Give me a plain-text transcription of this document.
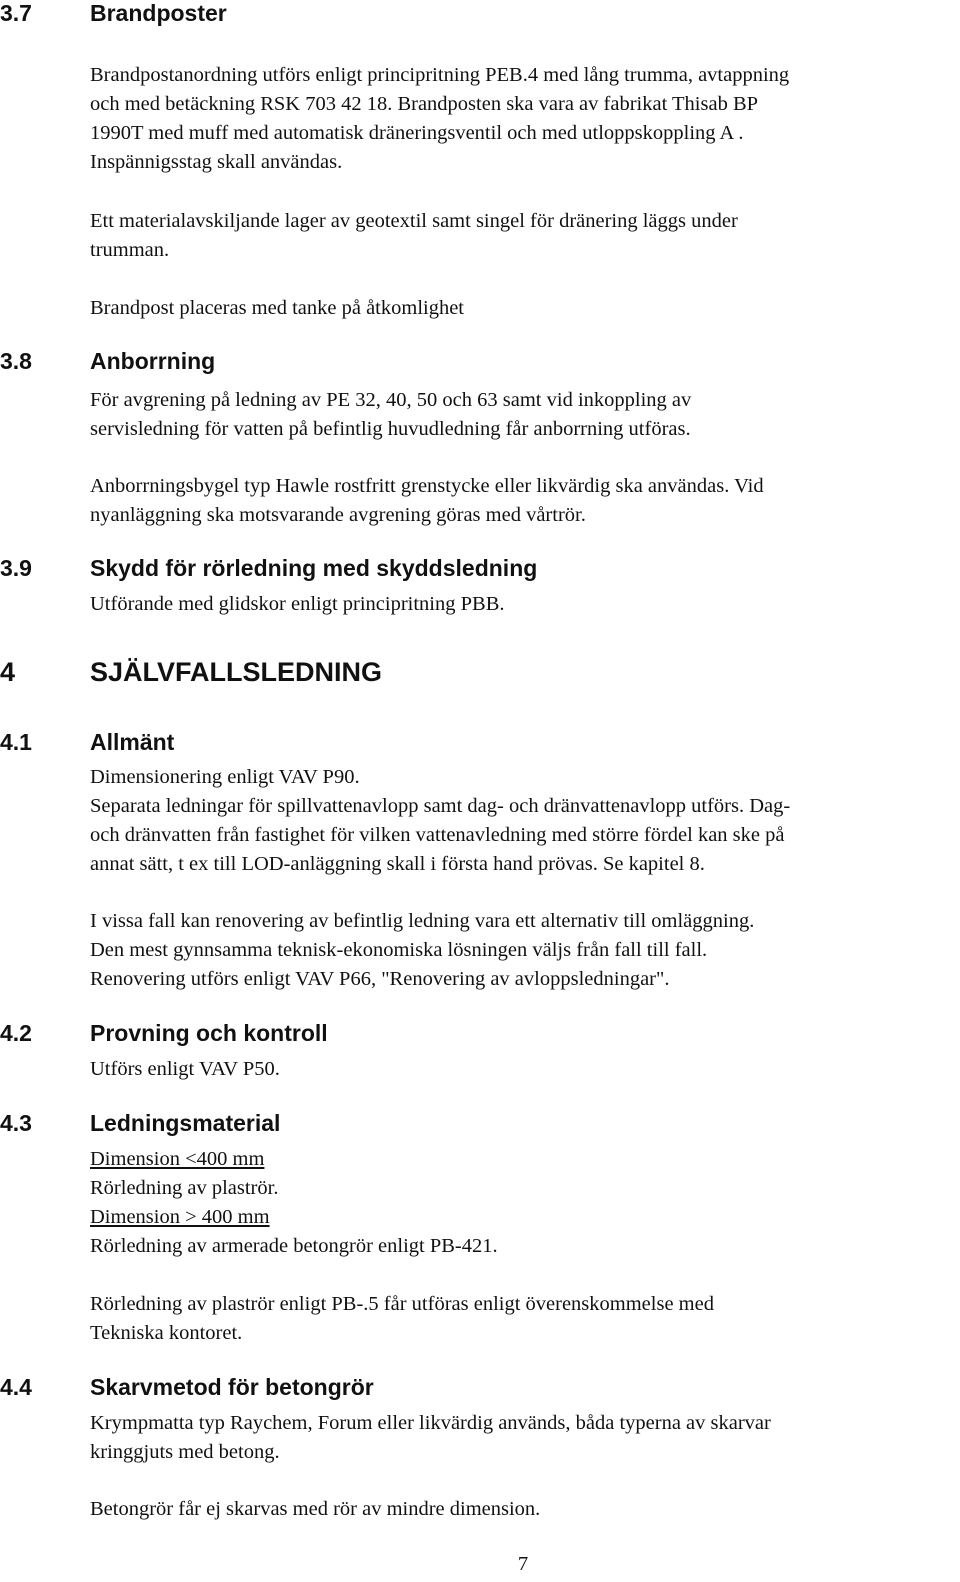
3.7	Brandposter

Brandpostanordning utförs enligt principritning PEB.4 med lång trumma, avtappning
och med betäckning RSK 703 42 18. Brandposten ska vara av fabrikat Thisab BP
1990T med muff med automatisk dräneringsventil och med utloppskoppling A .
Inspännigsstag skall användas.

Ett materialavskiljande lager av geotextil samt singel för dränering läggs under
trumman.

Brandpost placeras med tanke på åtkomlighet

3.8	Anborrning

För avgrening på ledning av PE 32, 40, 50 och 63 samt vid inkoppling av
servisledning för vatten på befintlig huvudledning får anborrning utföras.

Anborrningsbygel typ Hawle rostfritt grenstycke eller likvärdig ska användas. Vid
nyanläggning ska motsvarande avgrening göras med vårtrör.

3.9	Skydd för rörledning med skyddsledning

Utförande med glidskor enligt principritning PBB.

4	SJÄLVFALLSLEDNING
4.1	Allmänt

Dimensionering enligt VAV P90.
Separata ledningar för spillvattenavlopp samt dag- och dränvattenavlopp utförs. Dag-
och dränvatten från fastighet för vilken vattenavledning med större fördel kan ske på
annat sätt, t ex till LOD-anläggning skall i första hand prövas. Se kapitel 8.

I vissa fall kan renovering av befintlig ledning vara ett alternativ till omläggning.
Den mest gynnsamma teknisk-ekonomiska lösningen väljs från fall till fall.
Renovering utförs enligt VAV P66, "Renovering av avloppsledningar".

4.2	Provning och kontroll

Utförs enligt VAV P50.

4.3	Ledningsmaterial

Dimension <400 mm

Rörledning av plaströr.
Dimension > 400 mm

Rörledning av armerade betongrör enligt PB-421.

Rörledning av plaströr enligt PB-.5 får utföras enligt överenskommelse med
Tekniska kontoret.

4.4	Skarvmetod för betongrör

Krympmatta typ Raychem, Forum eller likvärdig används, båda typerna av skarvar
kringgjuts med betong.

Betongrör får ej skarvas med rör av mindre dimension.

7
